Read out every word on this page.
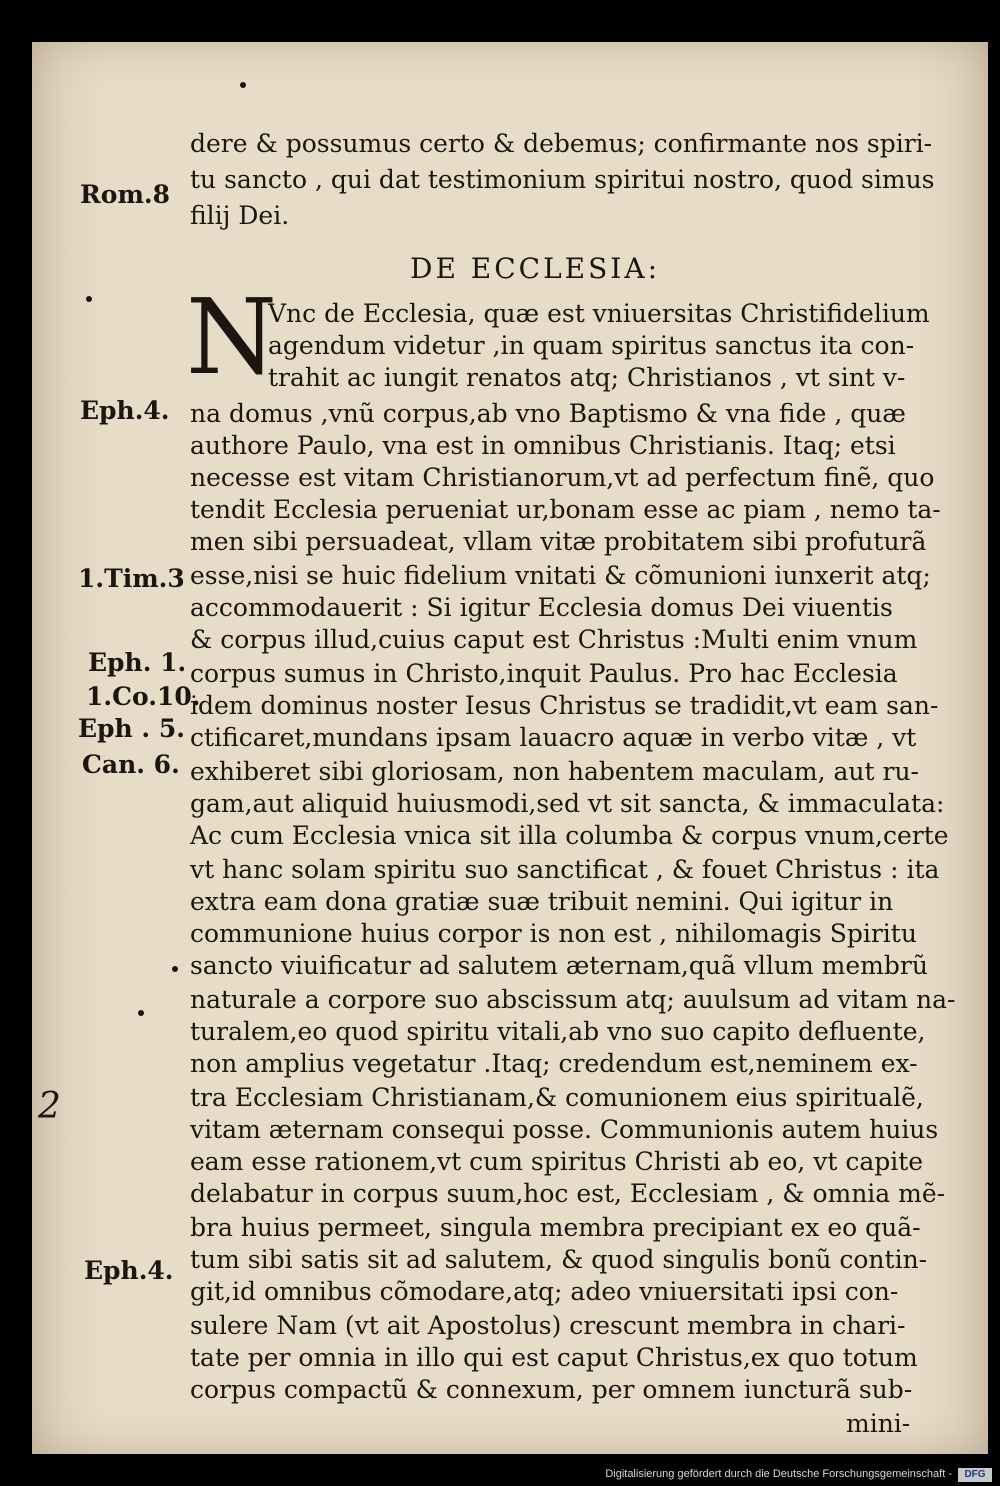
Rom.8
Eph.4.
1.Tim.3
Eph. 1.
1.Co.10.
Eph . 5.
Can. 6.
Eph.4.
2
DE ECCLESIA:
N
dere & possumus certo & debemus; confirmante nos spiri-
tu sancto , qui dat testimonium spiritui nostro, quod simus
filij Dei.
Vnc de Ecclesia, quæ est vniuersitas Christifidelium
agendum videtur ,in quam spiritus sanctus ita con-
trahit ac iungit renatos atq; Christianos , vt sint v-
na domus ,vnũ corpus,ab vno Baptismo & vna fide , quæ
authore Paulo, vna est in omnibus Christianis. Itaq; etsi
necesse est vitam Christianorum,vt ad perfectum finẽ, quo
tendit Ecclesia perueniat ur,bonam esse ac piam , nemo ta-
men sibi persuadeat, vllam vitæ probitatem sibi profuturã
esse,nisi se huic fidelium vnitati & cõmunioni iunxerit atq;
accommodauerit : Si igitur Ecclesia domus Dei viuentis
& corpus illud,cuius caput est Christus :Multi enim vnum
corpus sumus in Christo,inquit Paulus. Pro hac Ecclesia
idem dominus noster Iesus Christus se tradidit,vt eam san-
ctificaret,mundans ipsam lauacro aquæ in verbo vitæ , vt
exhiberet sibi gloriosam, non habentem maculam, aut ru-
gam,aut aliquid huiusmodi,sed vt sit sancta, & immaculata:
Ac cum Ecclesia vnica sit illa columba & corpus vnum,certe
vt hanc solam spiritu suo sanctificat , & fouet Christus : ita
extra eam dona gratiæ suæ tribuit nemini. Qui igitur in
communione huius corpor is non est , nihilomagis Spiritu
sancto viuificatur ad salutem æternam,quã vllum membrũ
naturale a corpore suo abscissum atq; auulsum ad vitam na-
turalem,eo quod spiritu vitali,ab vno suo capito defluente,
non amplius vegetatur .Itaq; credendum est,neminem ex-
tra Ecclesiam Christianam,& comunionem eius spiritualẽ,
vitam æternam consequi posse. Communionis autem huius
eam esse rationem,vt cum spiritus Christi ab eo, vt capite
delabatur in corpus suum,hoc est, Ecclesiam , & omnia mẽ-
bra huius permeet, singula membra precipiant ex eo quã-
tum sibi satis sit ad salutem, & quod singulis bonũ contin-
git,id omnibus cõmodare,atq; adeo vniuersitati ipsi con-
sulere Nam (vt ait Apostolus) crescunt membra in chari-
tate per omnia in illo qui est caput Christus,ex quo totum
corpus compactũ & connexum, per omnem iuncturã sub-
mini-
Digitalisierung gefördert durch die Deutsche Forschungsgemeinschaft -	DFG
